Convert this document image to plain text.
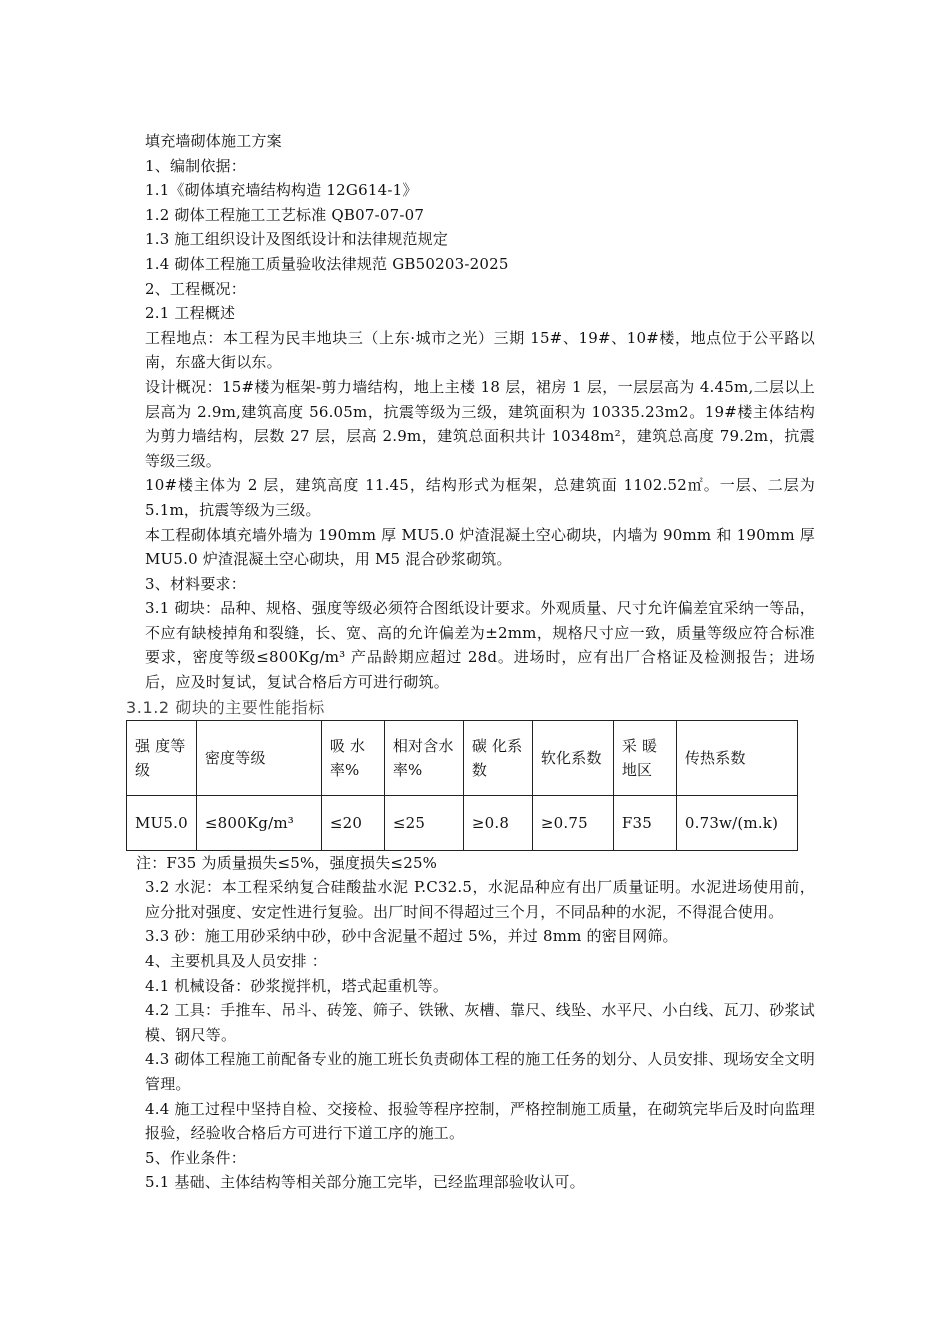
填充墙砌体施工方案

1、编制依据：

1.1《砌体填充墙结构构造 12G614-1》

1.2 砌体工程施工工艺标准 QB07-07-07

1.3 施工组织设计及图纸设计和法律规范规定

1.4 砌体工程施工质量验收法律规范 GB50203-2025

2、工程概况：

2.1 工程概述

工程地点：本工程为民丰地块三（上东·城市之光）三期 15#、19#、10#楼，地点位于公平路以南，东盛大街以东。

设计概况：15#楼为框架-剪力墙结构，地上主楼 18 层，裙房 1 层，一层层高为 4.45m,二层以上层高为 2.9m,建筑高度 56.05m，抗震等级为三级，建筑面积为 10335.23m2。19#楼主体结构为剪力墙结构，层数 27 层，层高 2.9m，建筑总面积共计 10348m²，建筑总高度 79.2m，抗震等级三级。

10#楼主体为 2 层，建筑高度 11.45，结构形式为框架，总建筑面 1102.52㎡。一层、二层为 5.1m，抗震等级为三级。

本工程砌体填充墙外墙为 190mm 厚 MU5.0 炉渣混凝土空心砌块，内墙为 90mm 和 190mm 厚 MU5.0 炉渣混凝土空心砌块，用 M5 混合砂浆砌筑。

3、材料要求：

3.1 砌块：品种、规格、强度等级必须符合图纸设计要求。外观质量、尺寸允许偏差宜采纳一等品，不应有缺棱掉角和裂缝，长、宽、高的允许偏差为±2mm，规格尺寸应一致，质量等级应符合标准要求，密度等级≤800Kg/m³ 产品龄期应超过 28d。进场时，应有出厂合格证及检测报告；进场后，应及时复试，复试合格后方可进行砌筑。

3.1.2 砌块的主要性能指标

强 度等级	密度等级	吸 水率%	相对含水率%	碳 化系数	软化系数	采 暖地区	传热系数
MU5.0	≤800Kg/m³	≤20	≤25	≥0.8	≥0.75	F35	0.73w/(m.k)

注：F35 为质量损失≤5%，强度损失≤25%

3.2 水泥：本工程采纳复合硅酸盐水泥 P.C32.5，水泥品种应有出厂质量证明。水泥进场使用前，应分批对强度、安定性进行复验。出厂时间不得超过三个月，不同品种的水泥，不得混合使用。

3.3 砂：施工用砂采纳中砂，砂中含泥量不超过 5%，并过 8mm 的密目网筛。

4、主要机具及人员安排 ：

4.1 机械设备：砂浆搅拌机，塔式起重机等。

4.2 工具：手推车、吊斗、砖笼、筛子、铁锹、灰槽、靠尺、线坠、水平尺、小白线、瓦刀、砂浆试模、钢尺等。

4.3 砌体工程施工前配备专业的施工班长负责砌体工程的施工任务的划分、人员安排、现场安全文明管理。

4.4 施工过程中坚持自检、交接检、报验等程序控制，严格控制施工质量，在砌筑完毕后及时向监理报验，经验收合格后方可进行下道工序的施工。

5、作业条件：

5.1 基础、主体结构等相关部分施工完毕，已经监理部验收认可。
